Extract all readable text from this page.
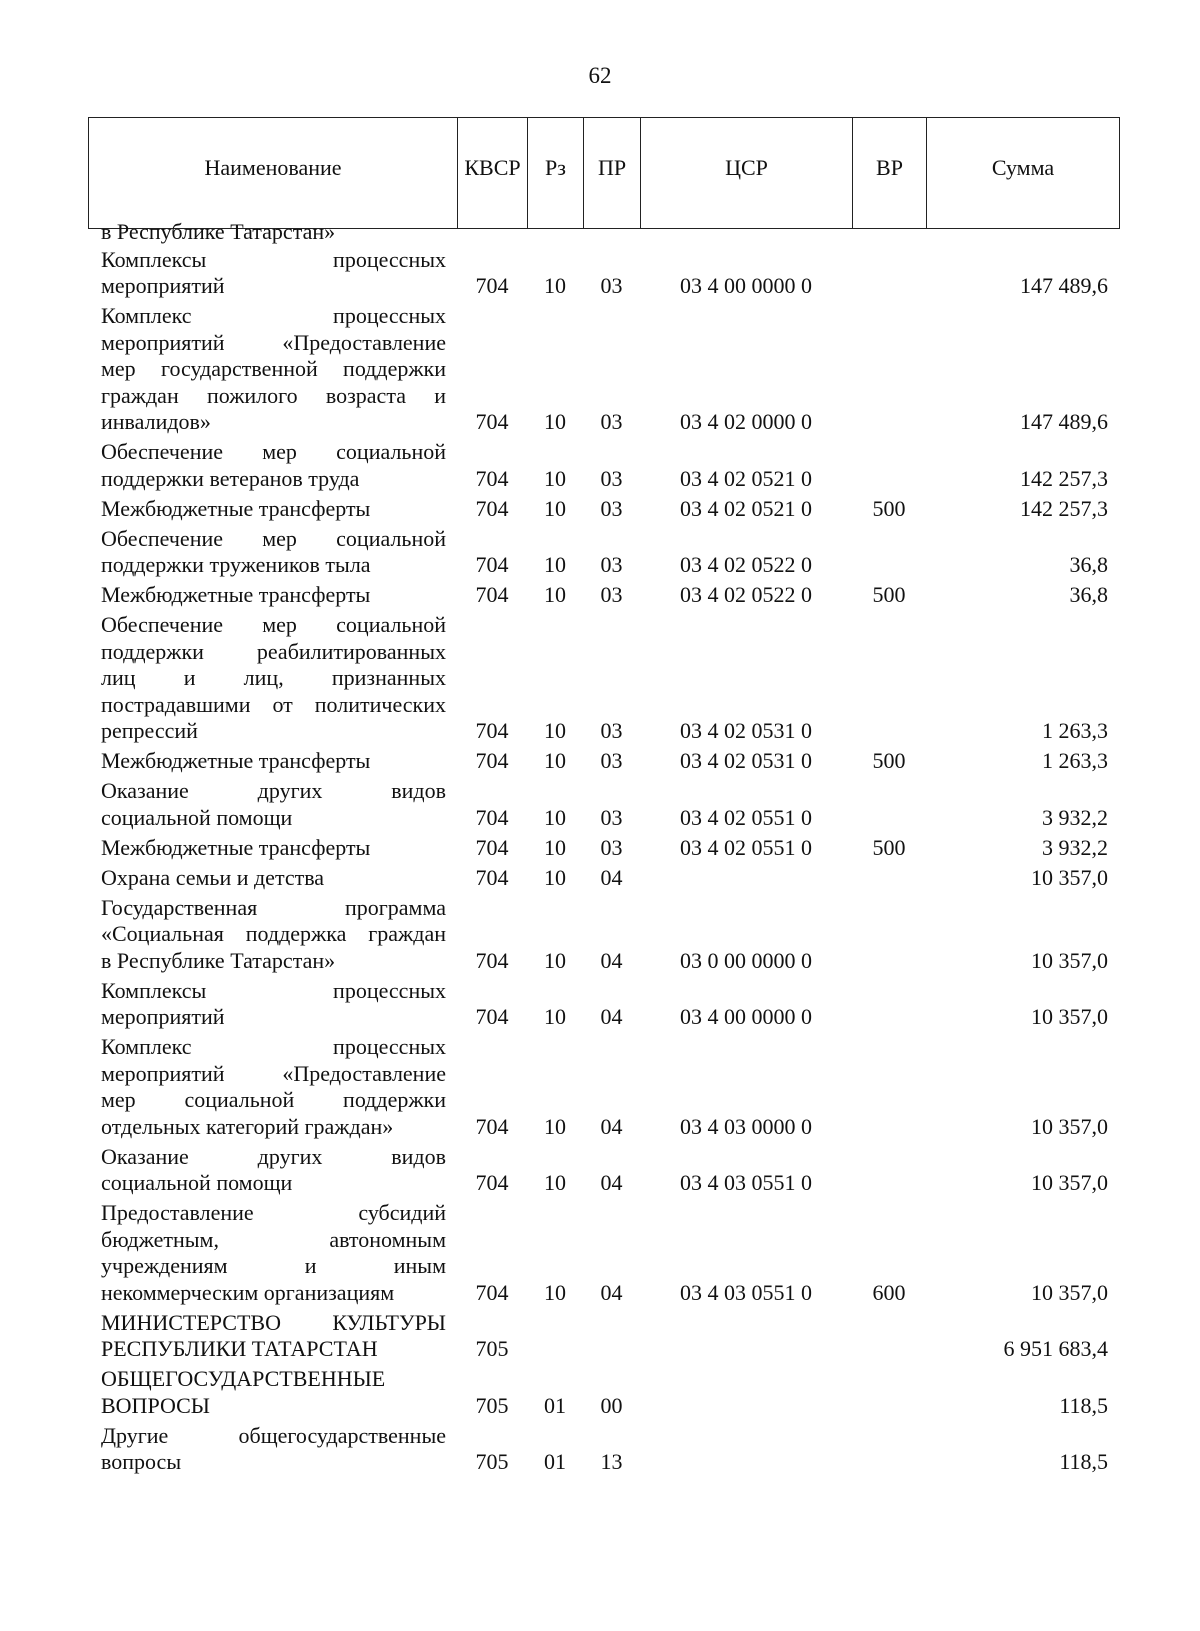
62
Наименование	КВСР	Рз	ПР	ЦСР	ВР	Сумма
в Республике Татарстан»						

Комплексы процессных
мероприятий	704	10	03	03 4 00 0000 0		147 489,6

Комплекс процессных
мероприятий «Предоставление
мер государственной поддержки
граждан пожилого возраста и
инвалидов»	704	10	03	03 4 02 0000 0		147 489,6

Обеспечение мер социальной
поддержки ветеранов труда	704	10	03	03 4 02 0521 0		142 257,3

Межбюджетные трансферты	704	10	03	03 4 02 0521 0	500	142 257,3

Обеспечение мер социальной
поддержки тружеников тыла	704	10	03	03 4 02 0522 0		36,8

Межбюджетные трансферты	704	10	03	03 4 02 0522 0	500	36,8

Обеспечение мер социальной
поддержки реабилитированных
лиц и лиц, признанных
пострадавшими от политических
репрессий	704	10	03	03 4 02 0531 0		1 263,3

Межбюджетные трансферты	704	10	03	03 4 02 0531 0	500	1 263,3

Оказание других видов
социальной помощи	704	10	03	03 4 02 0551 0		3 932,2

Межбюджетные трансферты	704	10	03	03 4 02 0551 0	500	3 932,2

Охрана семьи и детства	704	10	04			10 357,0

Государственная программа
«Социальная поддержка граждан
в Республике Татарстан»	704	10	04	03 0 00 0000 0		10 357,0

Комплексы процессных
мероприятий	704	10	04	03 4 00 0000 0		10 357,0

Комплекс процессных
мероприятий «Предоставление
мер социальной поддержки
отдельных категорий граждан»	704	10	04	03 4 03 0000 0		10 357,0

Оказание других видов
социальной помощи	704	10	04	03 4 03 0551 0		10 357,0

Предоставление субсидий
бюджетным, автономным
учреждениям и иным
некоммерческим организациям	704	10	04	03 4 03 0551 0	600	10 357,0

МИНИСТЕРСТВО КУЛЬТУРЫ
РЕСПУБЛИКИ ТАТАРСТАН	705					6 951 683,4

ОБЩЕГОСУДАРСТВЕННЫЕ
ВОПРОСЫ	705	01	00			118,5

Другие общегосударственные
вопросы	705	01	13			118,5
